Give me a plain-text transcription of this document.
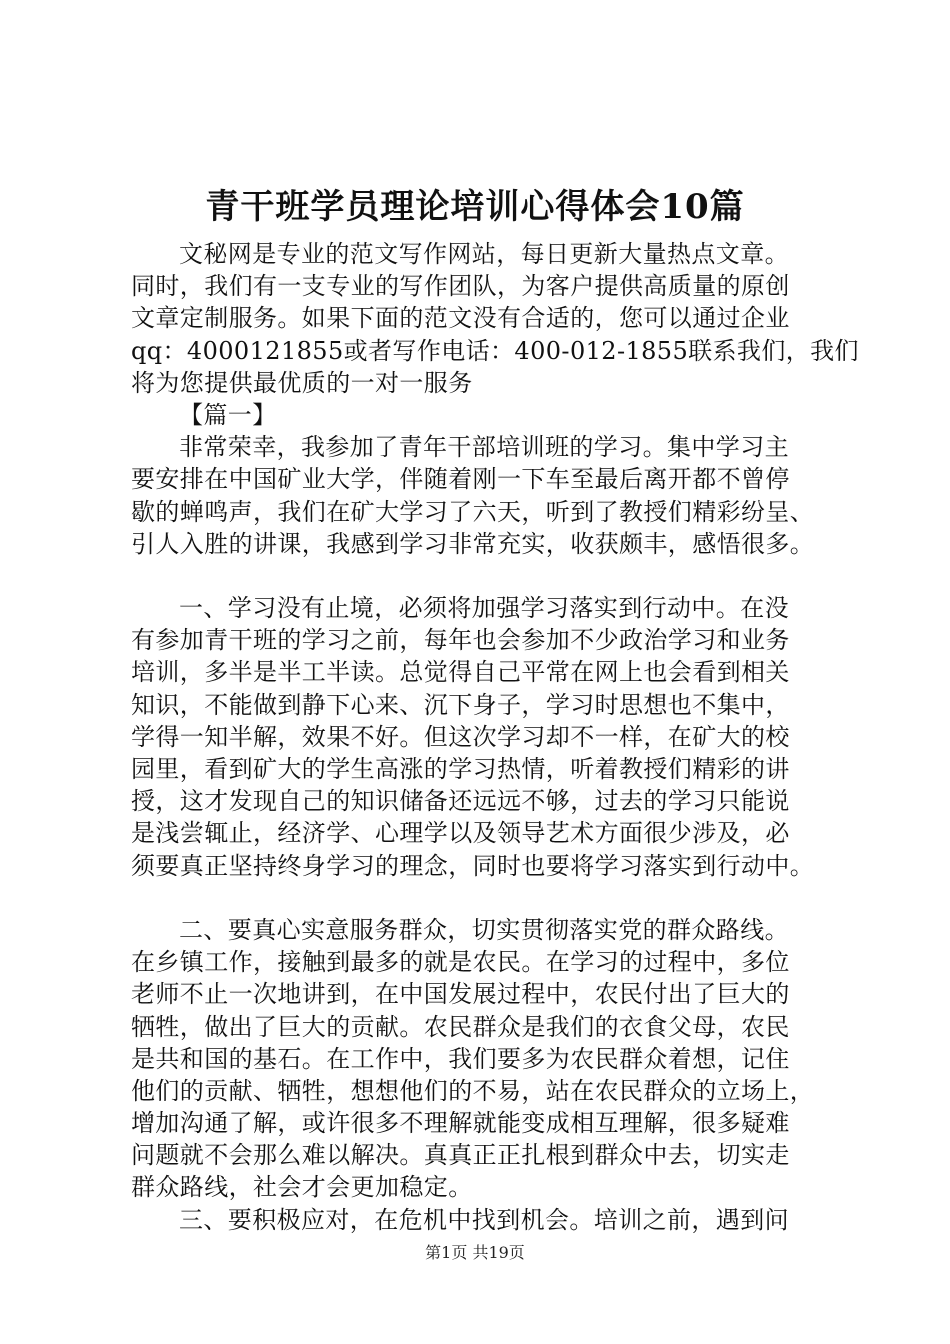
青干班学员理论培训心得体会10篇
文秘网是专业的范文写作网站，每日更新大量热点文章。
同时，我们有一支专业的写作团队，为客户提供高质量的原创
文章定制服务。如果下面的范文没有合适的，您可以通过企业
qq：4000121855或者写作电话：400-012-1855联系我们，我们
将为您提供最优质的一对一服务
【篇一】
非常荣幸，我参加了青年干部培训班的学习。集中学习主
要安排在中国矿业大学，伴随着刚一下车至最后离开都不曾停
歇的蝉鸣声，我们在矿大学习了六天，听到了教授们精彩纷呈、
引人入胜的讲课，我感到学习非常充实，收获颇丰，感悟很多。
一、学习没有止境，必须将加强学习落实到行动中。在没
有参加青干班的学习之前，每年也会参加不少政治学习和业务
培训，多半是半工半读。总觉得自己平常在网上也会看到相关
知识，不能做到静下心来、沉下身子，学习时思想也不集中，
学得一知半解，效果不好。但这次学习却不一样，在矿大的校
园里，看到矿大的学生高涨的学习热情，听着教授们精彩的讲
授，这才发现自己的知识储备还远远不够，过去的学习只能说
是浅尝辄止，经济学、心理学以及领导艺术方面很少涉及，必
须要真正坚持终身学习的理念，同时也要将学习落实到行动中。
二、要真心实意服务群众，切实贯彻落实党的群众路线。
在乡镇工作，接触到最多的就是农民。在学习的过程中，多位
老师不止一次地讲到，在中国发展过程中，农民付出了巨大的
牺牲，做出了巨大的贡献。农民群众是我们的衣食父母，农民
是共和国的基石。在工作中，我们要多为农民群众着想，记住
他们的贡献、牺牲，想想他们的不易，站在农民群众的立场上，
增加沟通了解，或许很多不理解就能变成相互理解，很多疑难
问题就不会那么难以解决。真真正正扎根到群众中去，切实走
群众路线，社会才会更加稳定。
三、要积极应对，在危机中找到机会。培训之前，遇到问
第1页 共19页
